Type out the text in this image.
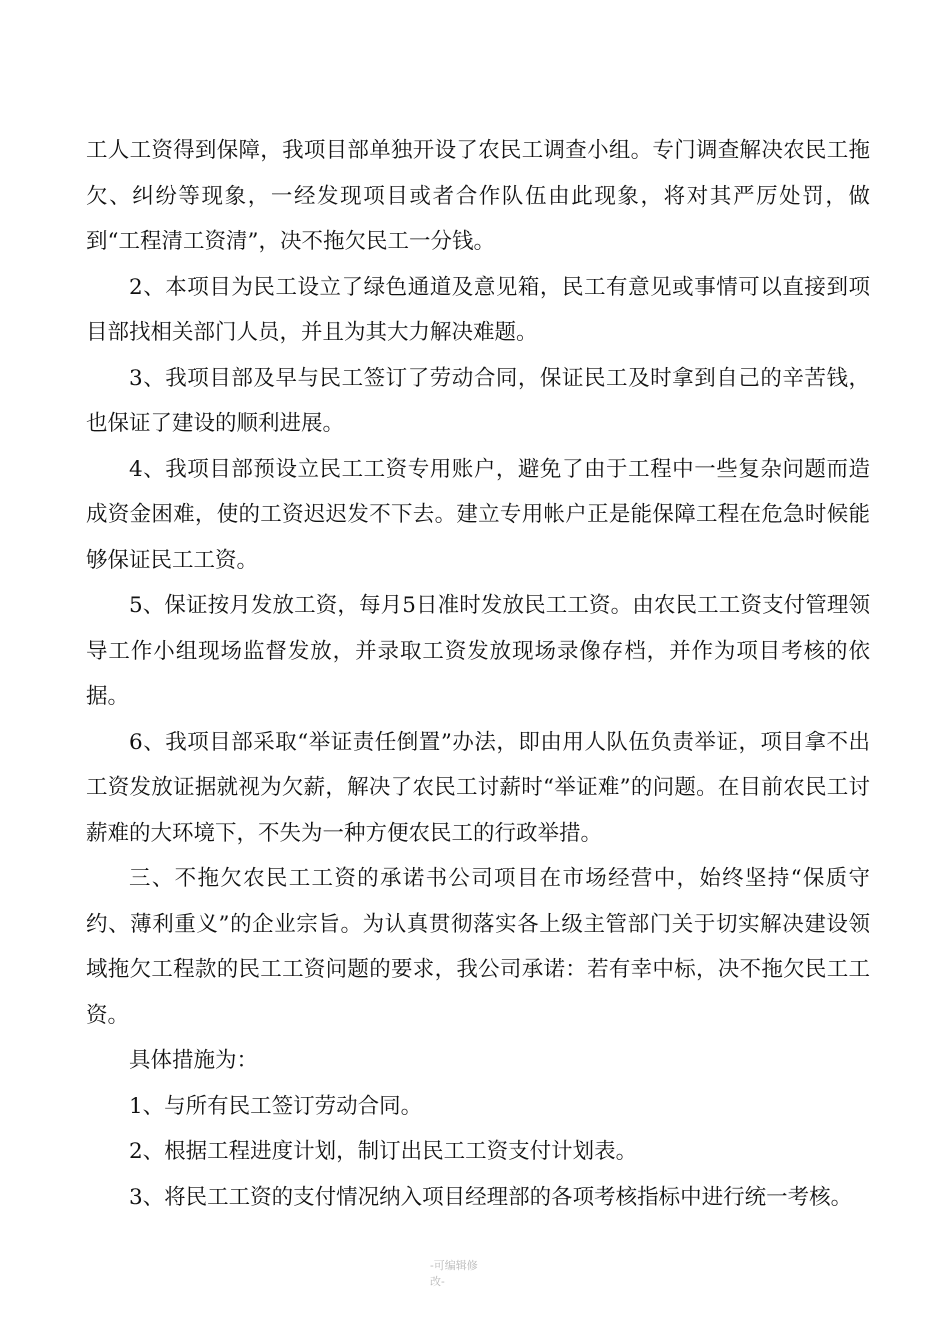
工人工资得到保障，我项目部单独开设了农民工调查小组。专门调查解决农民工拖欠、纠纷等现象，一经发现项目或者合作队伍由此现象，将对其严厉处罚，做到“工程清工资清”，决不拖欠民工一分钱。

2、本项目为民工设立了绿色通道及意见箱，民工有意见或事情可以直接到项目部找相关部门人员，并且为其大力解决难题。

3、我项目部及早与民工签订了劳动合同，保证民工及时拿到自己的辛苦钱，也保证了建设的顺利进展。

4、我项目部预设立民工工资专用账户，避免了由于工程中一些复杂问题而造成资金困难，使的工资迟迟发不下去。建立专用帐户正是能保障工程在危急时候能够保证民工工资。

5、保证按月发放工资，每月5日准时发放民工工资。由农民工工资支付管理领导工作小组现场监督发放，并录取工资发放现场录像存档，并作为项目考核的依据。

6、我项目部采取“举证责任倒置”办法，即由用人队伍负责举证，项目拿不出工资发放证据就视为欠薪，解决了农民工讨薪时“举证难”的问题。在目前农民工讨薪难的大环境下，不失为一种方便农民工的行政举措。

三、不拖欠农民工工资的承诺书公司项目在市场经营中，始终坚持“保质守约、薄利重义”的企业宗旨。为认真贯彻落实各上级主管部门关于切实解决建设领域拖欠工程款的民工工资问题的要求，我公司承诺：若有幸中标，决不拖欠民工工资。

具体措施为：

1、与所有民工签订劳动合同。

2、根据工程进度计划，制订出民工工资支付计划表。

3、将民工工资的支付情况纳入项目经理部的各项考核指标中进行统一考核。

-可编辑修
改-
